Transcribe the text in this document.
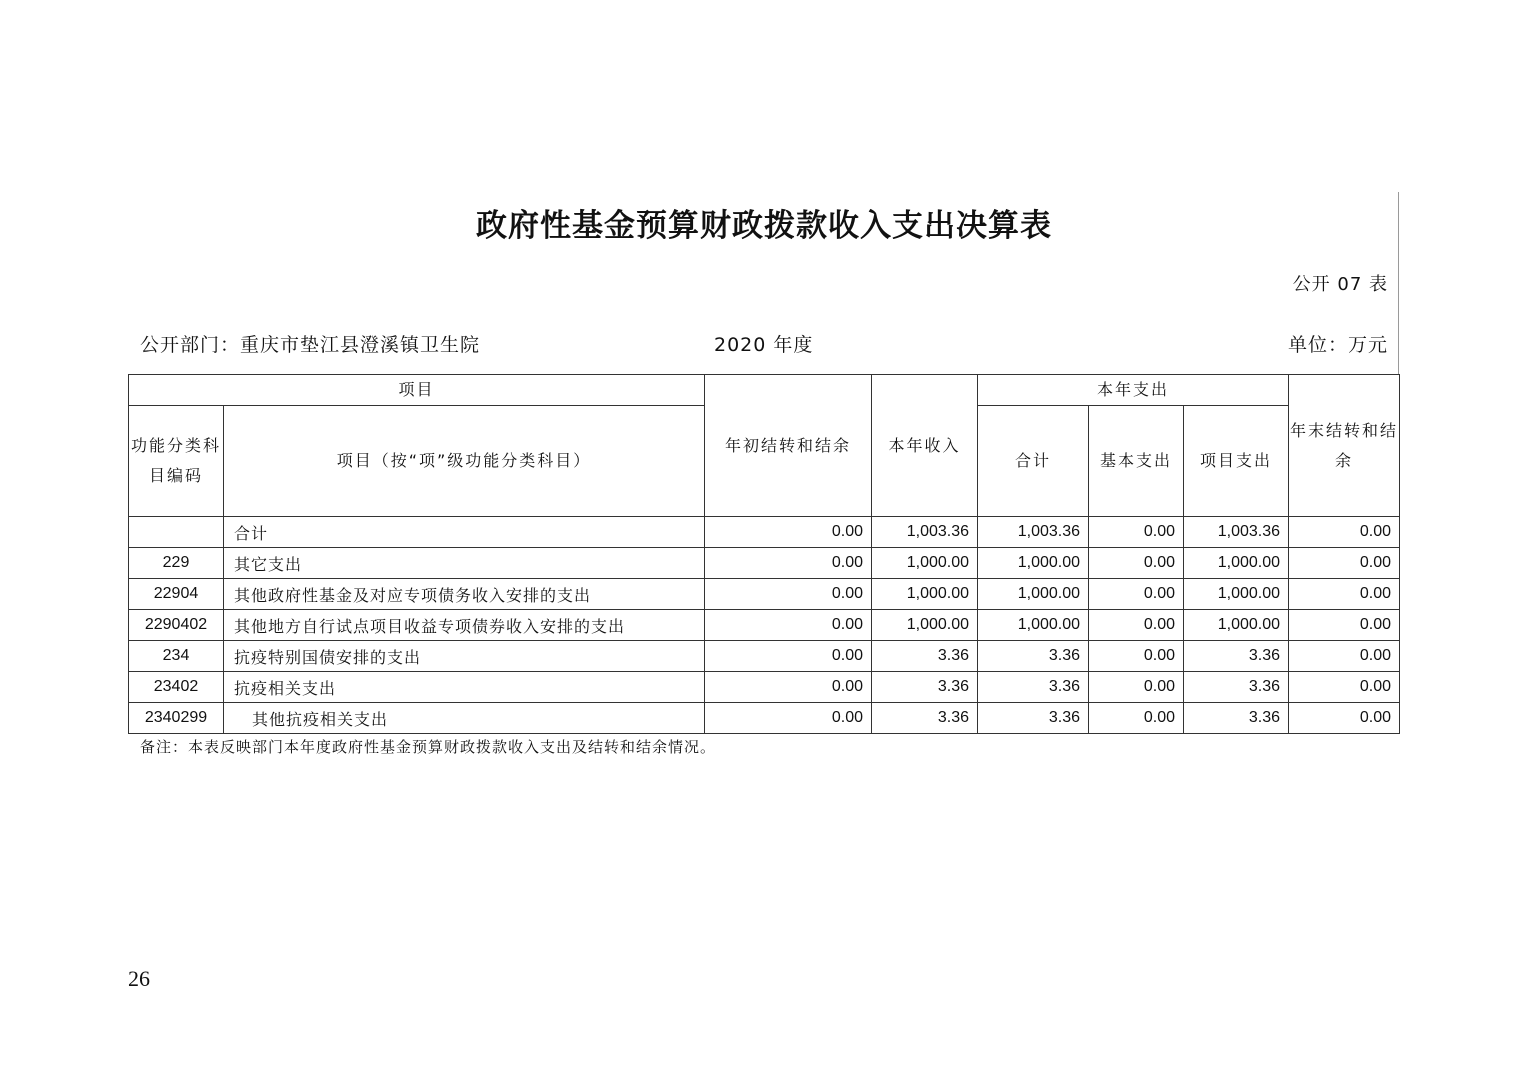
政府性基金预算财政拨款收入支出决算表
公开 07 表
公开部门：重庆市垫江县澄溪镇卫生院	2020 年度	单位：万元
项目		年初结转和结余	本年收入	本年支出			年末结转和结余
功能分类科目编码	项目（按“项”级功能分类科目）			合计	基本支出	项目支出	
	合计	0.00	1,003.36	1,003.36	0.00	1,003.36	0.00
229	其它支出	0.00	1,000.00	1,000.00	0.00	1,000.00	0.00
22904	其他政府性基金及对应专项债务收入安排的支出	0.00	1,000.00	1,000.00	0.00	1,000.00	0.00
2290402	其他地方自行试点项目收益专项债券收入安排的支出	0.00	1,000.00	1,000.00	0.00	1,000.00	0.00
234	抗疫特别国债安排的支出	0.00	3.36	3.36	0.00	3.36	0.00
23402	抗疫相关支出	0.00	3.36	3.36	0.00	3.36	0.00
2340299	其他抗疫相关支出	0.00	3.36	3.36	0.00	3.36	0.00
备注：本表反映部门本年度政府性基金预算财政拨款收入支出及结转和结余情况。
26
